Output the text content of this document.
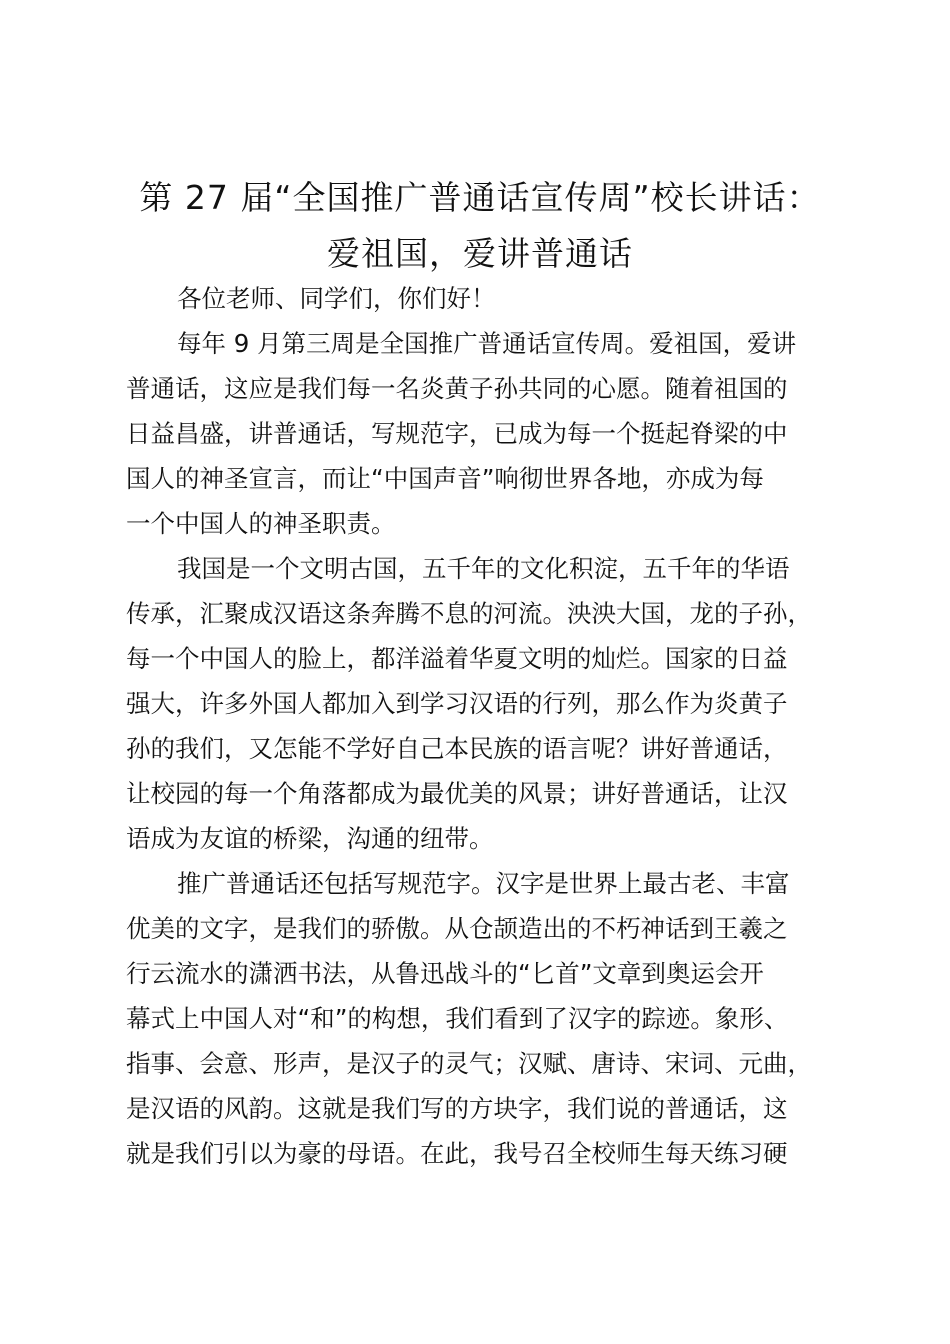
第 27 届“全国推广普通话宣传周”校长讲话：
爱祖国，爱讲普通话
各位老师、同学们，你们好！
每年 9 月第三周是全国推广普通话宣传周。爱祖国，爱讲
普通话，这应是我们每一名炎黄子孙共同的心愿。随着祖国的
日益昌盛，讲普通话，写规范字，已成为每一个挺起脊梁的中
国人的神圣宣言，而让“中国声音”响彻世界各地，亦成为每
一个中国人的神圣职责。
我国是一个文明古国，五千年的文化积淀，五千年的华语
传承，汇聚成汉语这条奔腾不息的河流。泱泱大国，龙的子孙，
每一个中国人的脸上，都洋溢着华夏文明的灿烂。国家的日益
强大，许多外国人都加入到学习汉语的行列，那么作为炎黄子
孙的我们，又怎能不学好自己本民族的语言呢？讲好普通话，
让校园的每一个角落都成为最优美的风景；讲好普通话，让汉
语成为友谊的桥梁，沟通的纽带。
推广普通话还包括写规范字。汉字是世界上最古老、丰富
优美的文字，是我们的骄傲。从仓颉造出的不朽神话到王羲之
行云流水的潇洒书法，从鲁迅战斗的“匕首”文章到奥运会开
幕式上中国人对“和”的构想，我们看到了汉字的踪迹。象形、
指事、会意、形声，是汉子的灵气；汉赋、唐诗、宋词、元曲，
是汉语的风韵。这就是我们写的方块字，我们说的普通话，这
就是我们引以为豪的母语。在此，我号召全校师生每天练习硬
